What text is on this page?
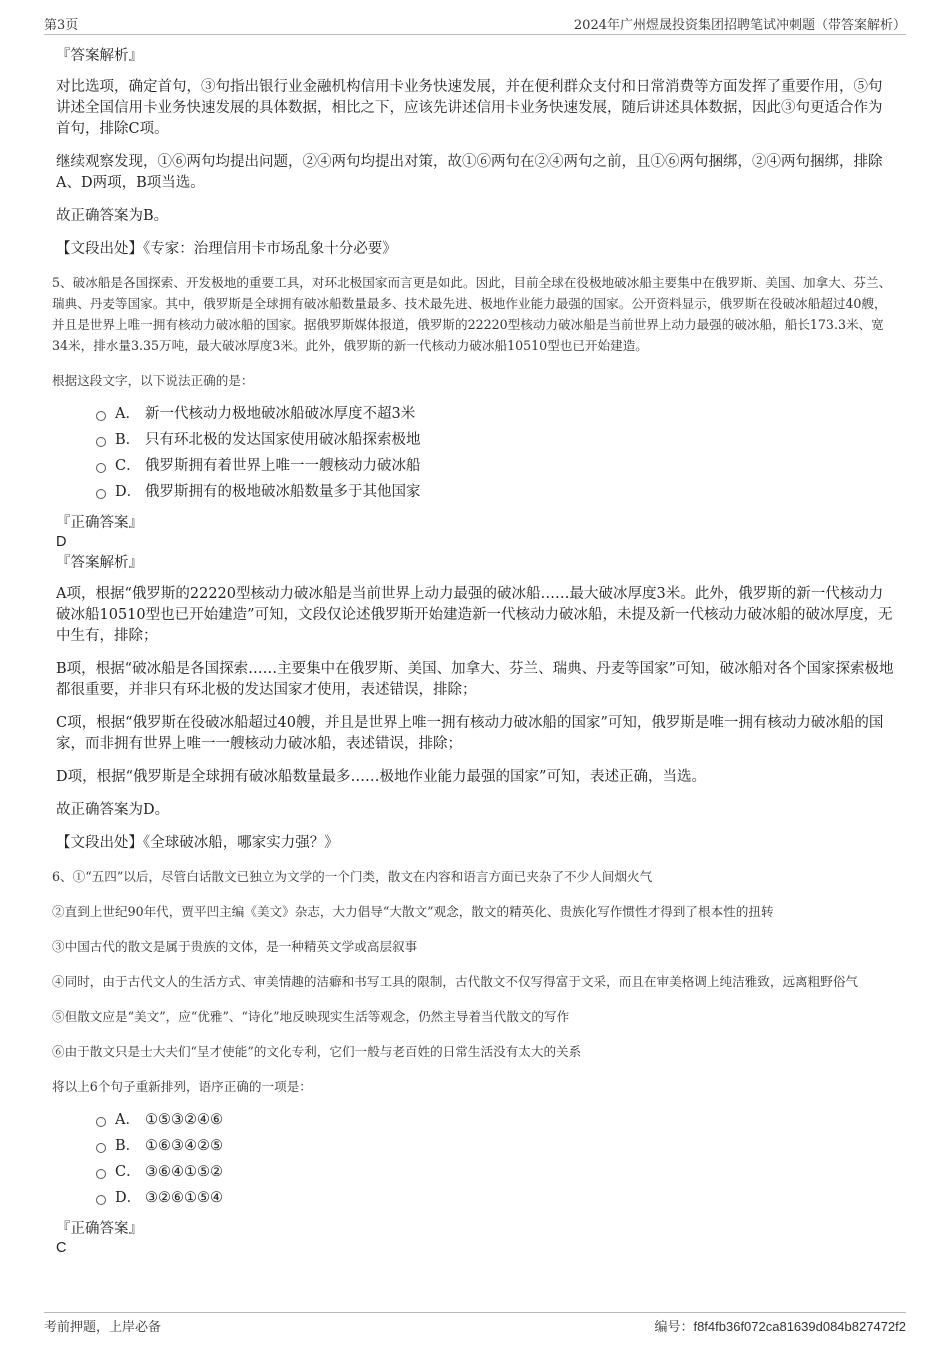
第3页	2024年广州煜晟投资集团招聘笔试冲刺题（带答案解析）
『答案解析』
对比选项，确定首句，③句指出银行业金融机构信用卡业务快速发展，并在便利群众支付和日常消费等方面发挥了重要作用，⑤句讲述全国信用卡业务快速发展的具体数据，相比之下，应该先讲述信用卡业务快速发展，随后讲述具体数据，因此③句更适合作为首句，排除C项。
继续观察发现，①⑥两句均提出问题，②④两句均提出对策，故①⑥两句在②④两句之前，且①⑥两句捆绑，②④两句捆绑，排除A、D两项，B项当选。
故正确答案为B。
【文段出处】《专家：治理信用卡市场乱象十分必要》
5、破冰船是各国探索、开发极地的重要工具，对环北极国家而言更是如此。因此，目前全球在役极地破冰船主要集中在俄罗斯、美国、加拿大、芬兰、瑞典、丹麦等国家。其中，俄罗斯是全球拥有破冰船数量最多、技术最先进、极地作业能力最强的国家。公开资料显示，俄罗斯在役破冰船超过40艘，并且是世界上唯一拥有核动力破冰船的国家。据俄罗斯媒体报道，俄罗斯的22220型核动力破冰船是当前世界上动力最强的破冰船，船长173.3米、宽34米，排水量3.35万吨，最大破冰厚度3米。此外，俄罗斯的新一代核动力破冰船10510型也已开始建造。
根据这段文字，以下说法正确的是：
A． 新一代核动力极地破冰船破冰厚度不超3米
B． 只有环北极的发达国家使用破冰船探索极地
C． 俄罗斯拥有着世界上唯一一艘核动力破冰船
D． 俄罗斯拥有的极地破冰船数量多于其他国家
『正确答案』
D
『答案解析』
A项，根据“俄罗斯的22220型核动力破冰船是当前世界上动力最强的破冰船……最大破冰厚度3米。此外，俄罗斯的新一代核动力破冰船10510型也已开始建造”可知，文段仅论述俄罗斯开始建造新一代核动力破冰船，未提及新一代核动力破冰船的破冰厚度，无中生有，排除；
B项，根据“破冰船是各国探索……主要集中在俄罗斯、美国、加拿大、芬兰、瑞典、丹麦等国家”可知，破冰船对各个国家探索极地都很重要，并非只有环北极的发达国家才使用，表述错误，排除；
C项，根据“俄罗斯在役破冰船超过40艘，并且是世界上唯一拥有核动力破冰船的国家”可知，俄罗斯是唯一拥有核动力破冰船的国家，而非拥有世界上唯一一艘核动力破冰船，表述错误，排除；
D项，根据“俄罗斯是全球拥有破冰船数量最多……极地作业能力最强的国家”可知，表述正确，当选。
故正确答案为D。
【文段出处】《全球破冰船，哪家实力强？》
6、①“五四”以后，尽管白话散文已独立为文学的一个门类，散文在内容和语言方面已夹杂了不少人间烟火气
②直到上世纪90年代，贾平凹主编《美文》杂志，大力倡导“大散文”观念，散文的精英化、贵族化写作惯性才得到了根本性的扭转
③中国古代的散文是属于贵族的文体，是一种精英文学或高层叙事
④同时，由于古代文人的生活方式、审美情趣的洁癖和书写工具的限制，古代散文不仅写得富于文采，而且在审美格调上纯洁雅致，远离粗野俗气
⑤但散文应是“美文”，应“优雅”、“诗化”地反映现实生活等观念，仍然主导着当代散文的写作
⑥由于散文只是士大夫们“呈才使能”的文化专利，它们一般与老百姓的日常生活没有太大的关系
将以上6个句子重新排列，语序正确的一项是：
A． ①⑤③②④⑥
B． ①⑥③④②⑤
C． ③⑥④①⑤②
D． ③②⑥①⑤④
『正确答案』
C
考前押题，上岸必备	编号：f8f4fb36f072ca81639d084b827472f2
